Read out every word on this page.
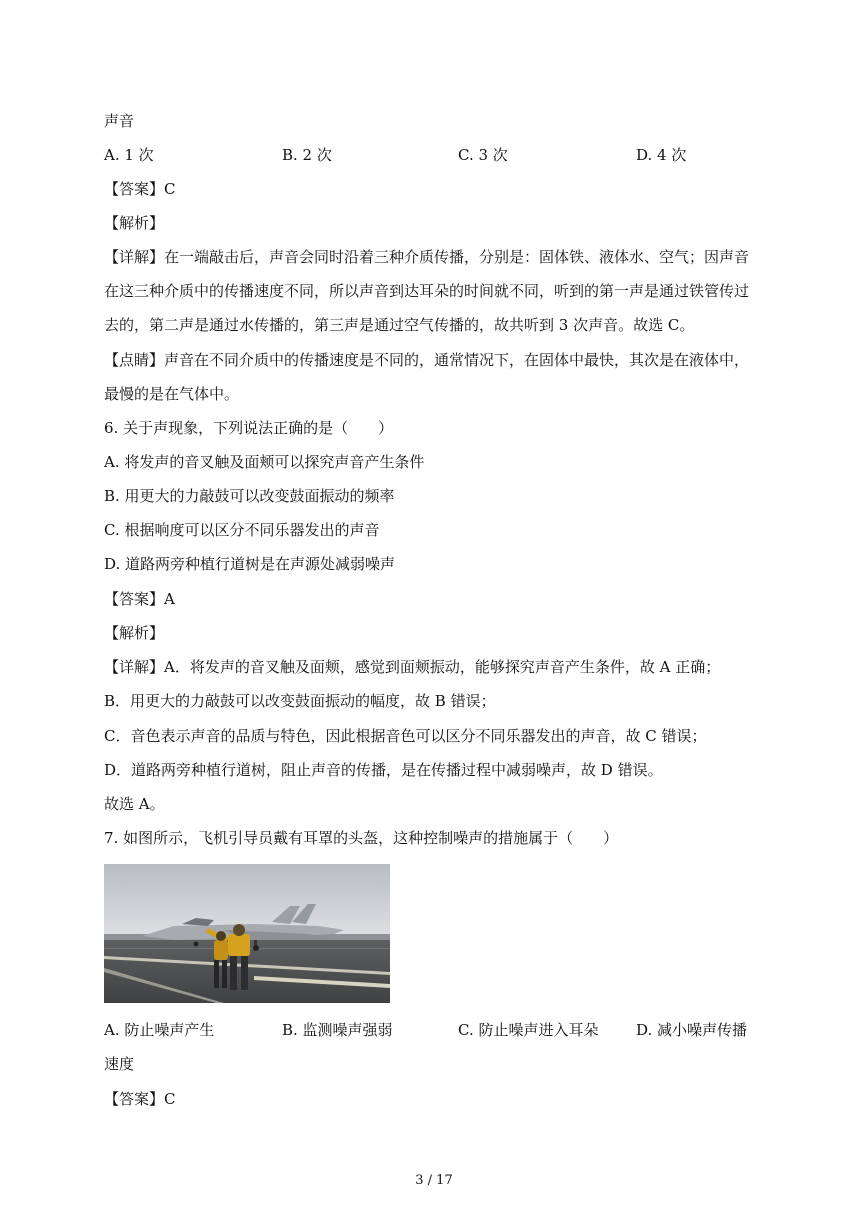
声音
A. 1 次	B. 2 次	C. 3 次	D. 4 次
【答案】C
【解析】
【详解】在一端敲击后，声音会同时沿着三种介质传播，分别是：固体铁、液体水、空气；因声音
在这三种介质中的传播速度不同，所以声音到达耳朵的时间就不同，听到的第一声是通过铁管传过
去的，第二声是通过水传播的，第三声是通过空气传播的，故共听到 3 次声音。故选 C。
【点睛】声音在不同介质中的传播速度是不同的，通常情况下，在固体中最快，其次是在液体中，
最慢的是在气体中。
6. 关于声现象，下列说法正确的是（　　）
A. 将发声的音叉触及面颊可以探究声音产生条件
B. 用更大的力敲鼓可以改变鼓面振动的频率
C. 根据响度可以区分不同乐器发出的声音
D. 道路两旁种植行道树是在声源处减弱噪声
【答案】A
【解析】
【详解】A．将发声的音叉触及面颊，感觉到面颊振动，能够探究声音产生条件，故 A 正确；
B．用更大的力敲鼓可以改变鼓面振动的幅度，故 B 错误；
C．音色表示声音的品质与特色，因此根据音色可以区分不同乐器发出的声音，故 C 错误；
D．道路两旁种植行道树，阻止声音的传播，是在传播过程中减弱噪声，故 D 错误。
故选 A。
7. 如图所示，飞机引导员戴有耳罩的头盔，这种控制噪声的措施属于（　　）
A. 防止噪声产生	B. 监测噪声强弱	C. 防止噪声进入耳朵	D. 减小噪声传播
速度
【答案】C
3 / 17
